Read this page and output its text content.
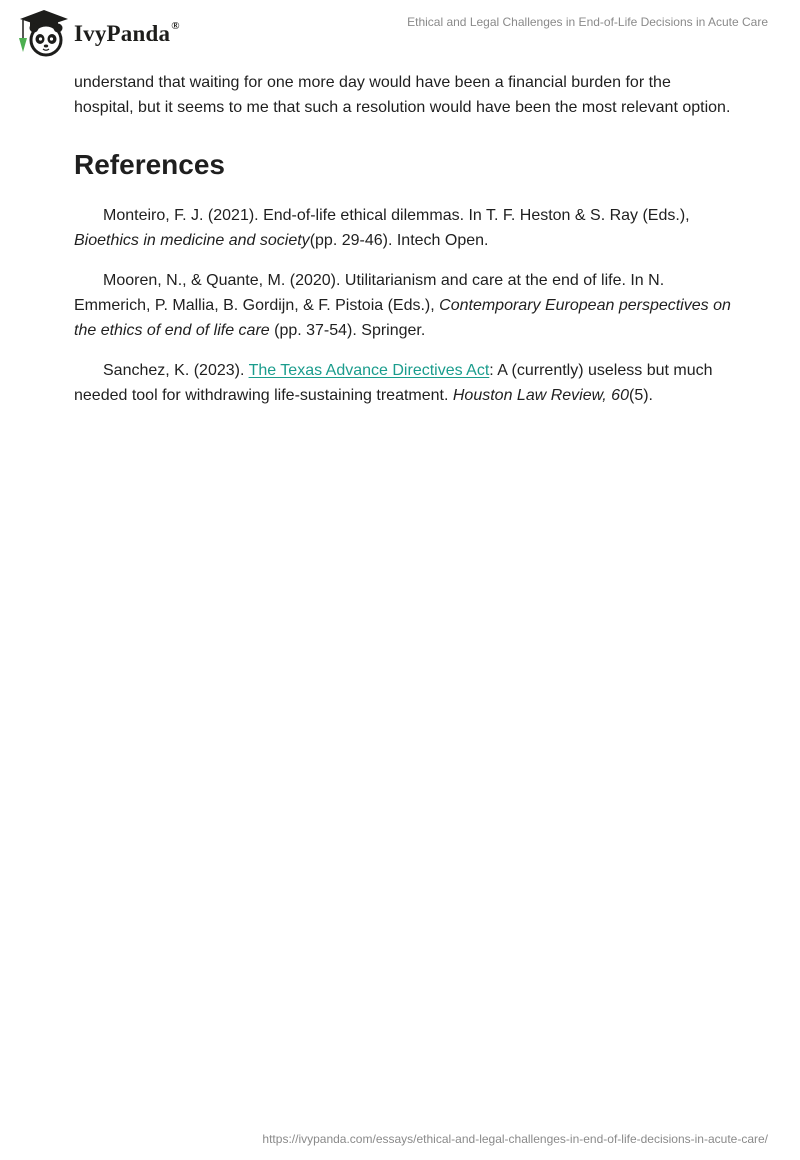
IvyPanda®	Ethical and Legal Challenges in End-of-Life Decisions in Acute Care

understand that waiting for one more day would have been a financial burden for the hospital, but it seems to me that such a resolution would have been the most relevant option.

References

Monteiro, F. J. (2021). End-of-life ethical dilemmas. In T. F. Heston & S. Ray (Eds.), Bioethics in medicine and society(pp. 29-46). Intech Open.

Mooren, N., & Quante, M. (2020). Utilitarianism and care at the end of life. In N. Emmerich, P. Mallia, B. Gordijn, & F. Pistoia (Eds.), Contemporary European perspectives on the ethics of end of life care (pp. 37-54). Springer.

Sanchez, K. (2023). The Texas Advance Directives Act: A (currently) useless but much needed tool for withdrawing life-sustaining treatment. Houston Law Review, 60(5).

https://ivypanda.com/essays/ethical-and-legal-challenges-in-end-of-life-decisions-in-acute-care/
